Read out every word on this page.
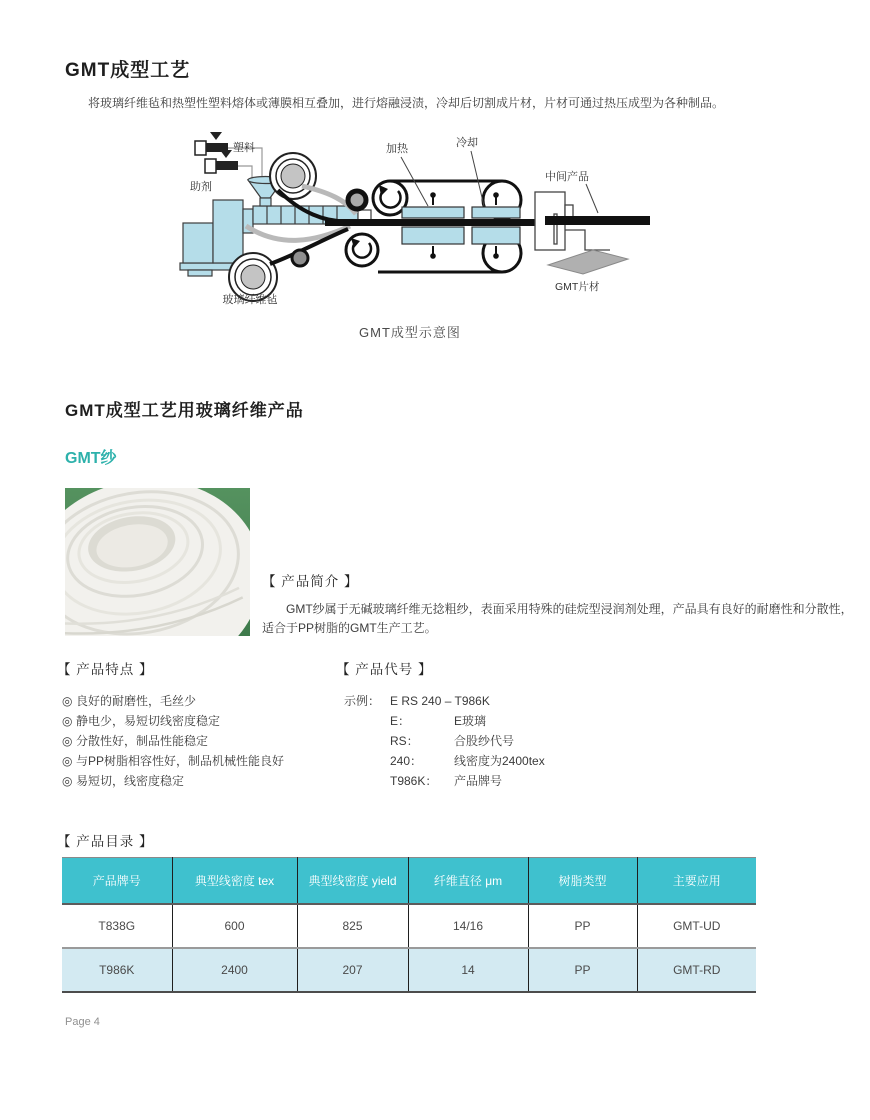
GMT成型工艺
将玻璃纤维毡和热塑性塑料熔体或薄膜相互叠加，进行熔融浸渍，冷却后切割成片材，片材可通过热压成型为各种制品。
塑料
助剂
玻璃纤维毡
加热	冷却
中间产品
GMT片材
GMT成型示意图
GMT成型工艺用玻璃纤维产品
GMT纱
【 产品简介 】
GMT纱属于无碱玻璃纤维无捻粗纱，表面采用特殊的硅烷型浸润剂处理，产品具有良好的耐磨性和分散性，适合于PP树脂的GMT生产工艺。
【 产品特点 】
◎ 良好的耐磨性，毛丝少
◎ 静电少，易短切线密度稳定
◎ 分散性好，制品性能稳定
◎ 与PP树脂相容性好，制品机械性能良好
◎ 易短切，线密度稳定
【 产品代号 】
示例： E RS 240 – T986K
E：	E玻璃
RS：	合股纱代号
240：	线密度为2400tex
T986K：	产品牌号
【 产品目录 】
产品牌号	典型线密度 tex	典型线密度 yield	纤维直径 μm	树脂类型	主要应用
T838G	600	825	14/16	PP	GMT-UD
T986K	2400	207	14	PP	GMT-RD
Page 4
